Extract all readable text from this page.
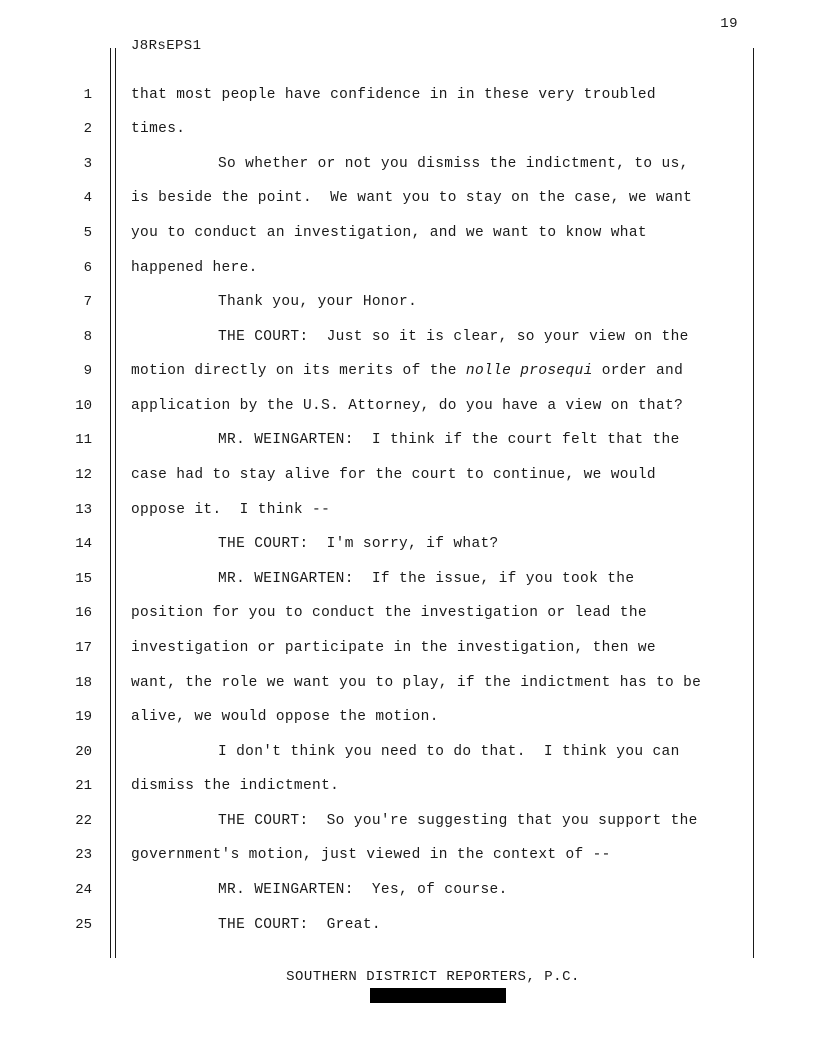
19
J8RsEPS1
1
2
3
4
5
6
7
8
9
10
11
12
13
14
15
16
17
18
19
20
21
22
23
24
25
that most people have confidence in in these very troubled
times.
So whether or not you dismiss the indictment, to us,
is beside the point.  We want you to stay on the case, we want
you to conduct an investigation, and we want to know what
happened here.
Thank you, your Honor.
THE COURT:  Just so it is clear, so your view on the
motion directly on its merits of the nolle prosequi order and
application by the U.S. Attorney, do you have a view on that?
MR. WEINGARTEN:  I think if the court felt that the
case had to stay alive for the court to continue, we would
oppose it.  I think --
THE COURT:  I'm sorry, if what?
MR. WEINGARTEN:  If the issue, if you took the
position for you to conduct the investigation or lead the
investigation or participate in the investigation, then we
want, the role we want you to play, if the indictment has to be
alive, we would oppose the motion.
I don't think you need to do that.  I think you can
dismiss the indictment.
THE COURT:  So you're suggesting that you support the
government's motion, just viewed in the context of --
MR. WEINGARTEN:  Yes, of course.
THE COURT:  Great.
SOUTHERN DISTRICT REPORTERS, P.C.
